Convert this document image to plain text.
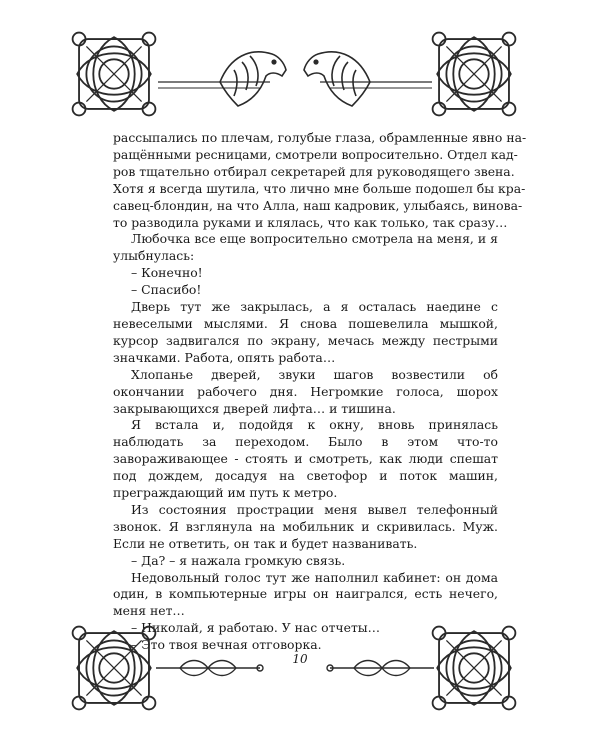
рассыпались по плечам, голубые глаза, обрамленные явно на-

ращёнными ресницами, смотрели вопросительно. Отдел кад-

ров тщательно отбирал секретарей для руководящего звена.

Хотя я всегда шутила, что лично мне больше подошел бы кра-

савец-блондин, на что Алла, наш кадровик, улыбаясь, винова-

то разводила руками и клялась, что как только, так сразу…

Любочка все еще вопросительно смотрела на меня, и я улыбнулась:

– Конечно!

– Спасибо!

Дверь тут же закрылась, а я осталась наедине с невеселыми мыслями. Я снова пошевелила мышкой, курсор задвигался по экрану, мечась между пестрыми значками. Работа, опять работа…

Хлопанье дверей, звуки шагов возвестили об окончании рабочего дня. Негромкие голоса, шорох закрывающихся дверей лифта… и тишина.

Я встала и, подойдя к окну, вновь принялась наблюдать за переходом. Было в этом что-то завораживающее - стоять и смотреть, как люди спешат под дождем, досадуя на светофор и поток машин, преграждающий им путь к метро.

Из состояния прострации меня вывел телефонный звонок. Я взглянула на мобильник и скривилась. Муж. Если не ответить, он так и будет названивать.

– Да? – я нажала громкую связь.

Недовольный голос тут же наполнил кабинет: он дома один, в компьютерные игры он наигрался, есть нечего, меня нет…

– Николай, я работаю. У нас отчеты…

– Это твоя вечная отговорка.

10
